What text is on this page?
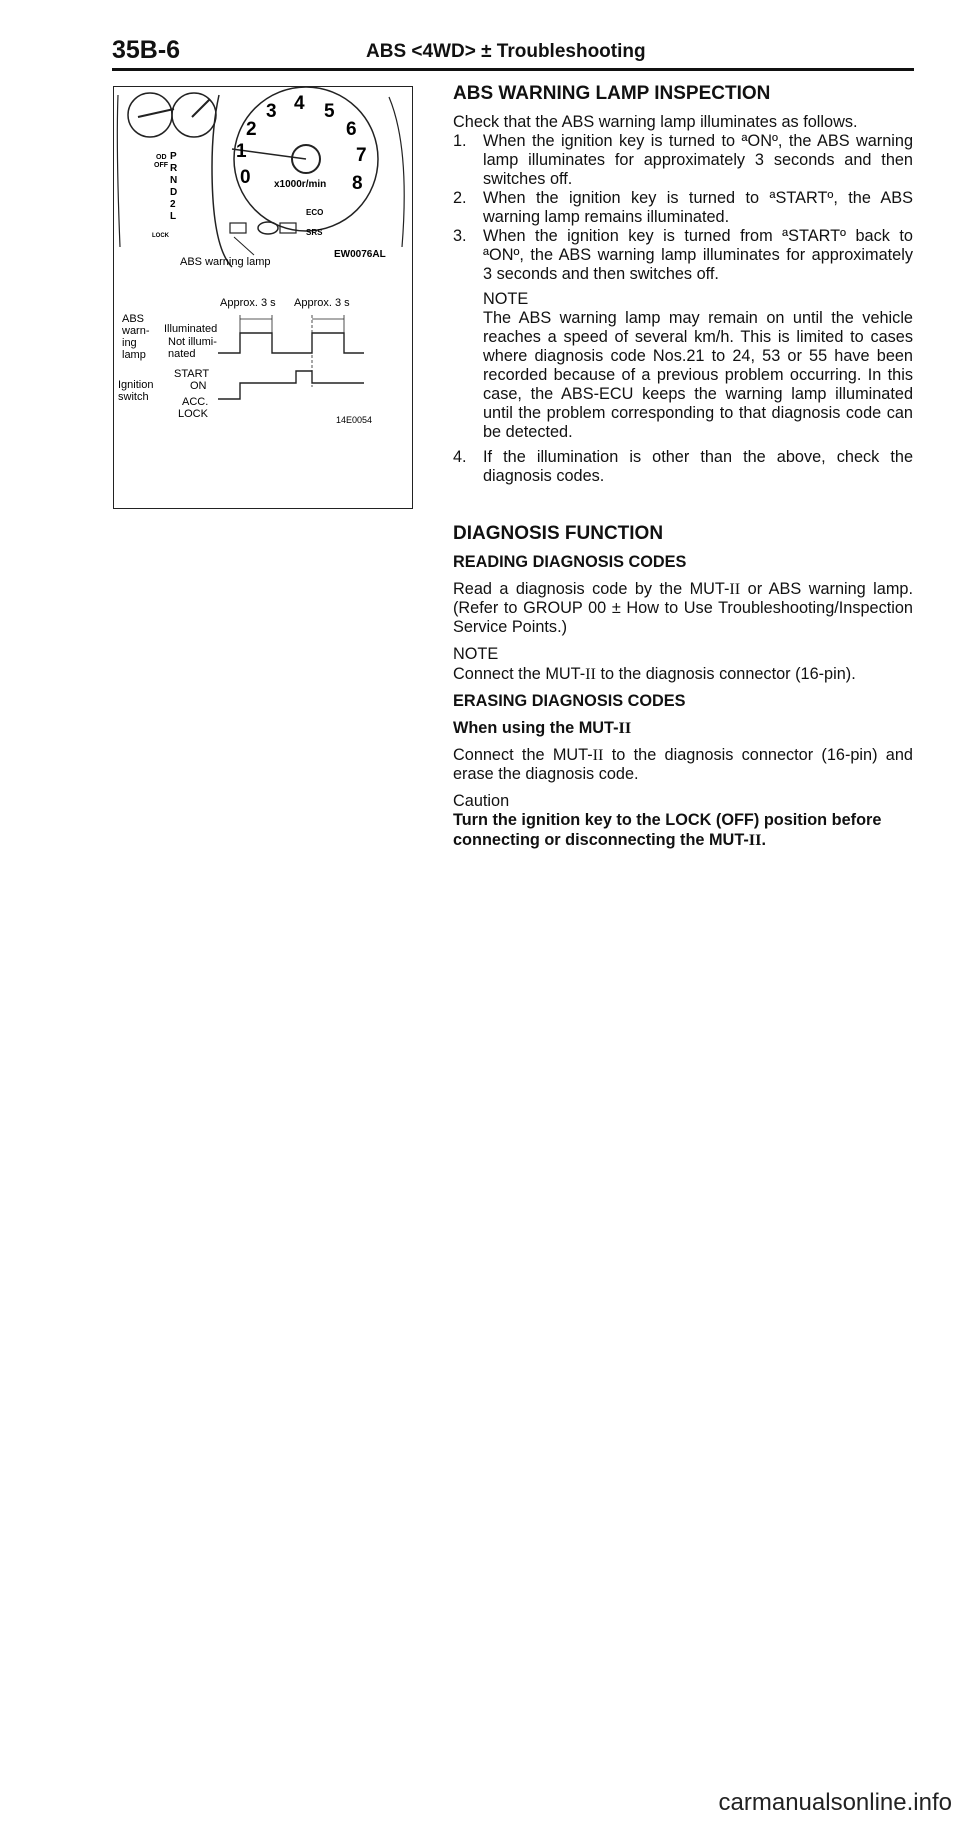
35B-6	ABS <4WD> ± Troubleshooting
0
1
2
3 4 5
6
7
8
x1000r/min
OD
OFF
P
R
N
D
2
L
LOCK
ECO
SRS
ABS warning lamp
EW0076AL
Approx. 3 s Approx. 3 s
ABS
warn-
ing
lamp
Illuminated
Not illumi-
nated
Ignition
switch
START
ON
ACC.
LOCK	14E0054
ABS WARNING LAMP INSPECTION

Check that the ABS warning lamp illuminates as follows.

1. When the ignition key is turned to ªONº, the ABS warning lamp illuminates for approximately 3 seconds and then switches off.
2. When the ignition key is turned to ªSTARTº, the ABS warning lamp remains illuminated.
3. When the ignition key is turned from ªSTARTº back to ªONº, the ABS warning lamp illuminates for approximately 3 seconds and then switches off.
NOTE
The ABS warning lamp may remain on until the vehicle reaches a speed of several km/h. This is limited to cases where diagnosis code Nos.21 to 24, 53 or 55 have been recorded because of a previous problem occurring. In this case, the ABS-ECU keeps the warning lamp illuminated until the problem corresponding to that diagnosis code can be detected.
4. If the illumination is other than the above, check the diagnosis codes.
DIAGNOSIS FUNCTION
READING DIAGNOSIS CODES

Read a diagnosis code by the MUT-II or ABS warning lamp. (Refer to GROUP 00 ± How to Use Troubleshooting/Inspection Service Points.)

NOTE
Connect the MUT-II to the diagnosis connector (16-pin).

ERASING DIAGNOSIS CODES
When using the MUT-II

Connect the MUT-II to the diagnosis connector (16-pin) and erase the diagnosis code.

Caution
Turn the ignition key to the LOCK (OFF) position before connecting or disconnecting the MUT-II.

carmanualsonline.info
